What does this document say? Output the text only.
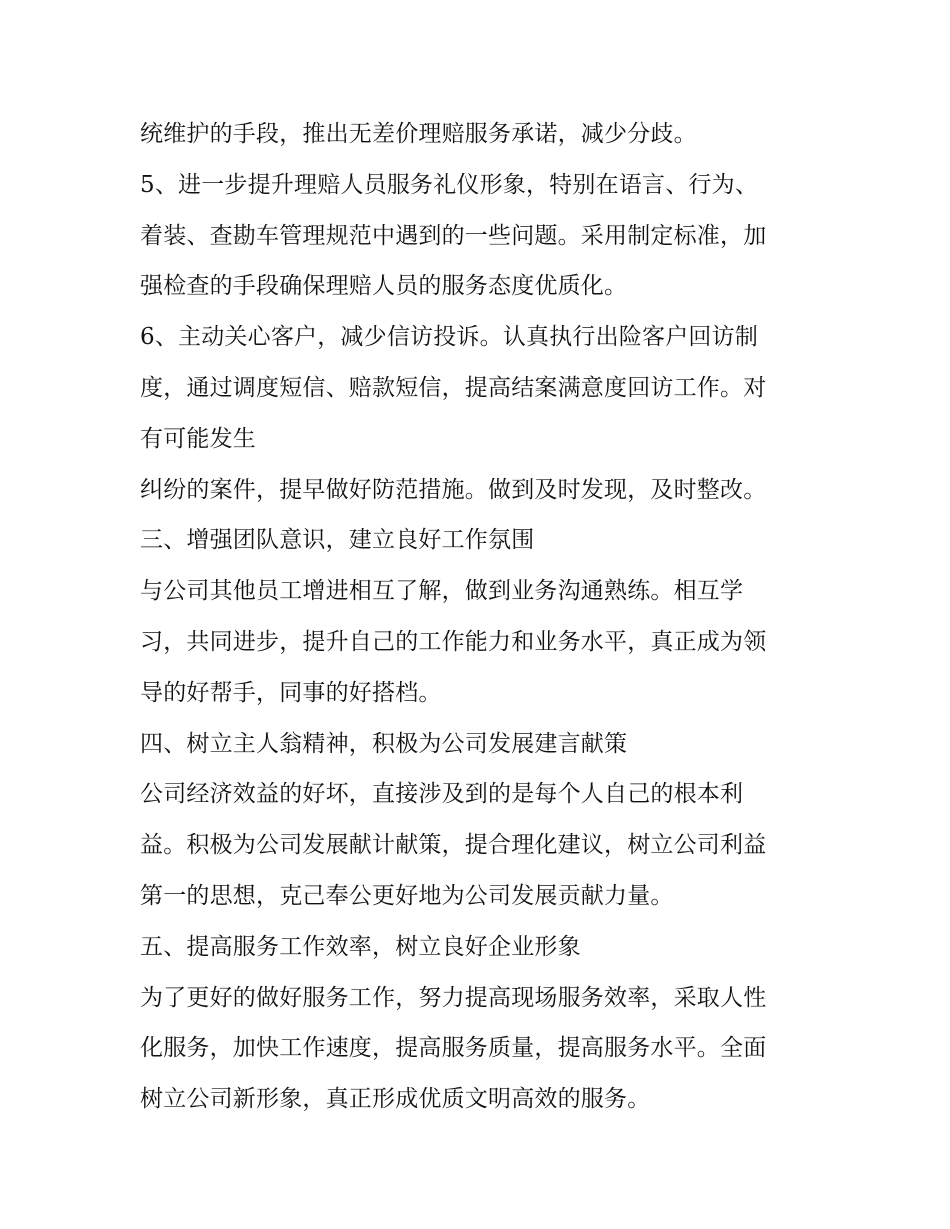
统维护的手段，推出无差价理赔服务承诺，减少分歧。
5、进一步提升理赔人员服务礼仪形象，特别在语言、行为、
着装、查勘车管理规范中遇到的一些问题。采用制定标准，加
强检查的手段确保理赔人员的服务态度优质化。
6、主动关心客户，减少信访投诉。认真执行出险客户回访制
度，通过调度短信、赔款短信，提高结案满意度回访工作。对
有可能发生
纠纷的案件，提早做好防范措施。做到及时发现，及时整改。
三、增强团队意识，建立良好工作氛围
与公司其他员工增进相互了解，做到业务沟通熟练。相互学
习，共同进步，提升自己的工作能力和业务水平，真正成为领
导的好帮手，同事的好搭档。
四、树立主人翁精神，积极为公司发展建言献策
公司经济效益的好坏，直接涉及到的是每个人自己的根本利
益。积极为公司发展献计献策，提合理化建议，树立公司利益
第一的思想，克己奉公更好地为公司发展贡献力量。
五、提高服务工作效率，树立良好企业形象
为了更好的做好服务工作，努力提高现场服务效率，采取人性
化服务，加快工作速度，提高服务质量，提高服务水平。全面
树立公司新形象，真正形成优质文明高效的服务。
